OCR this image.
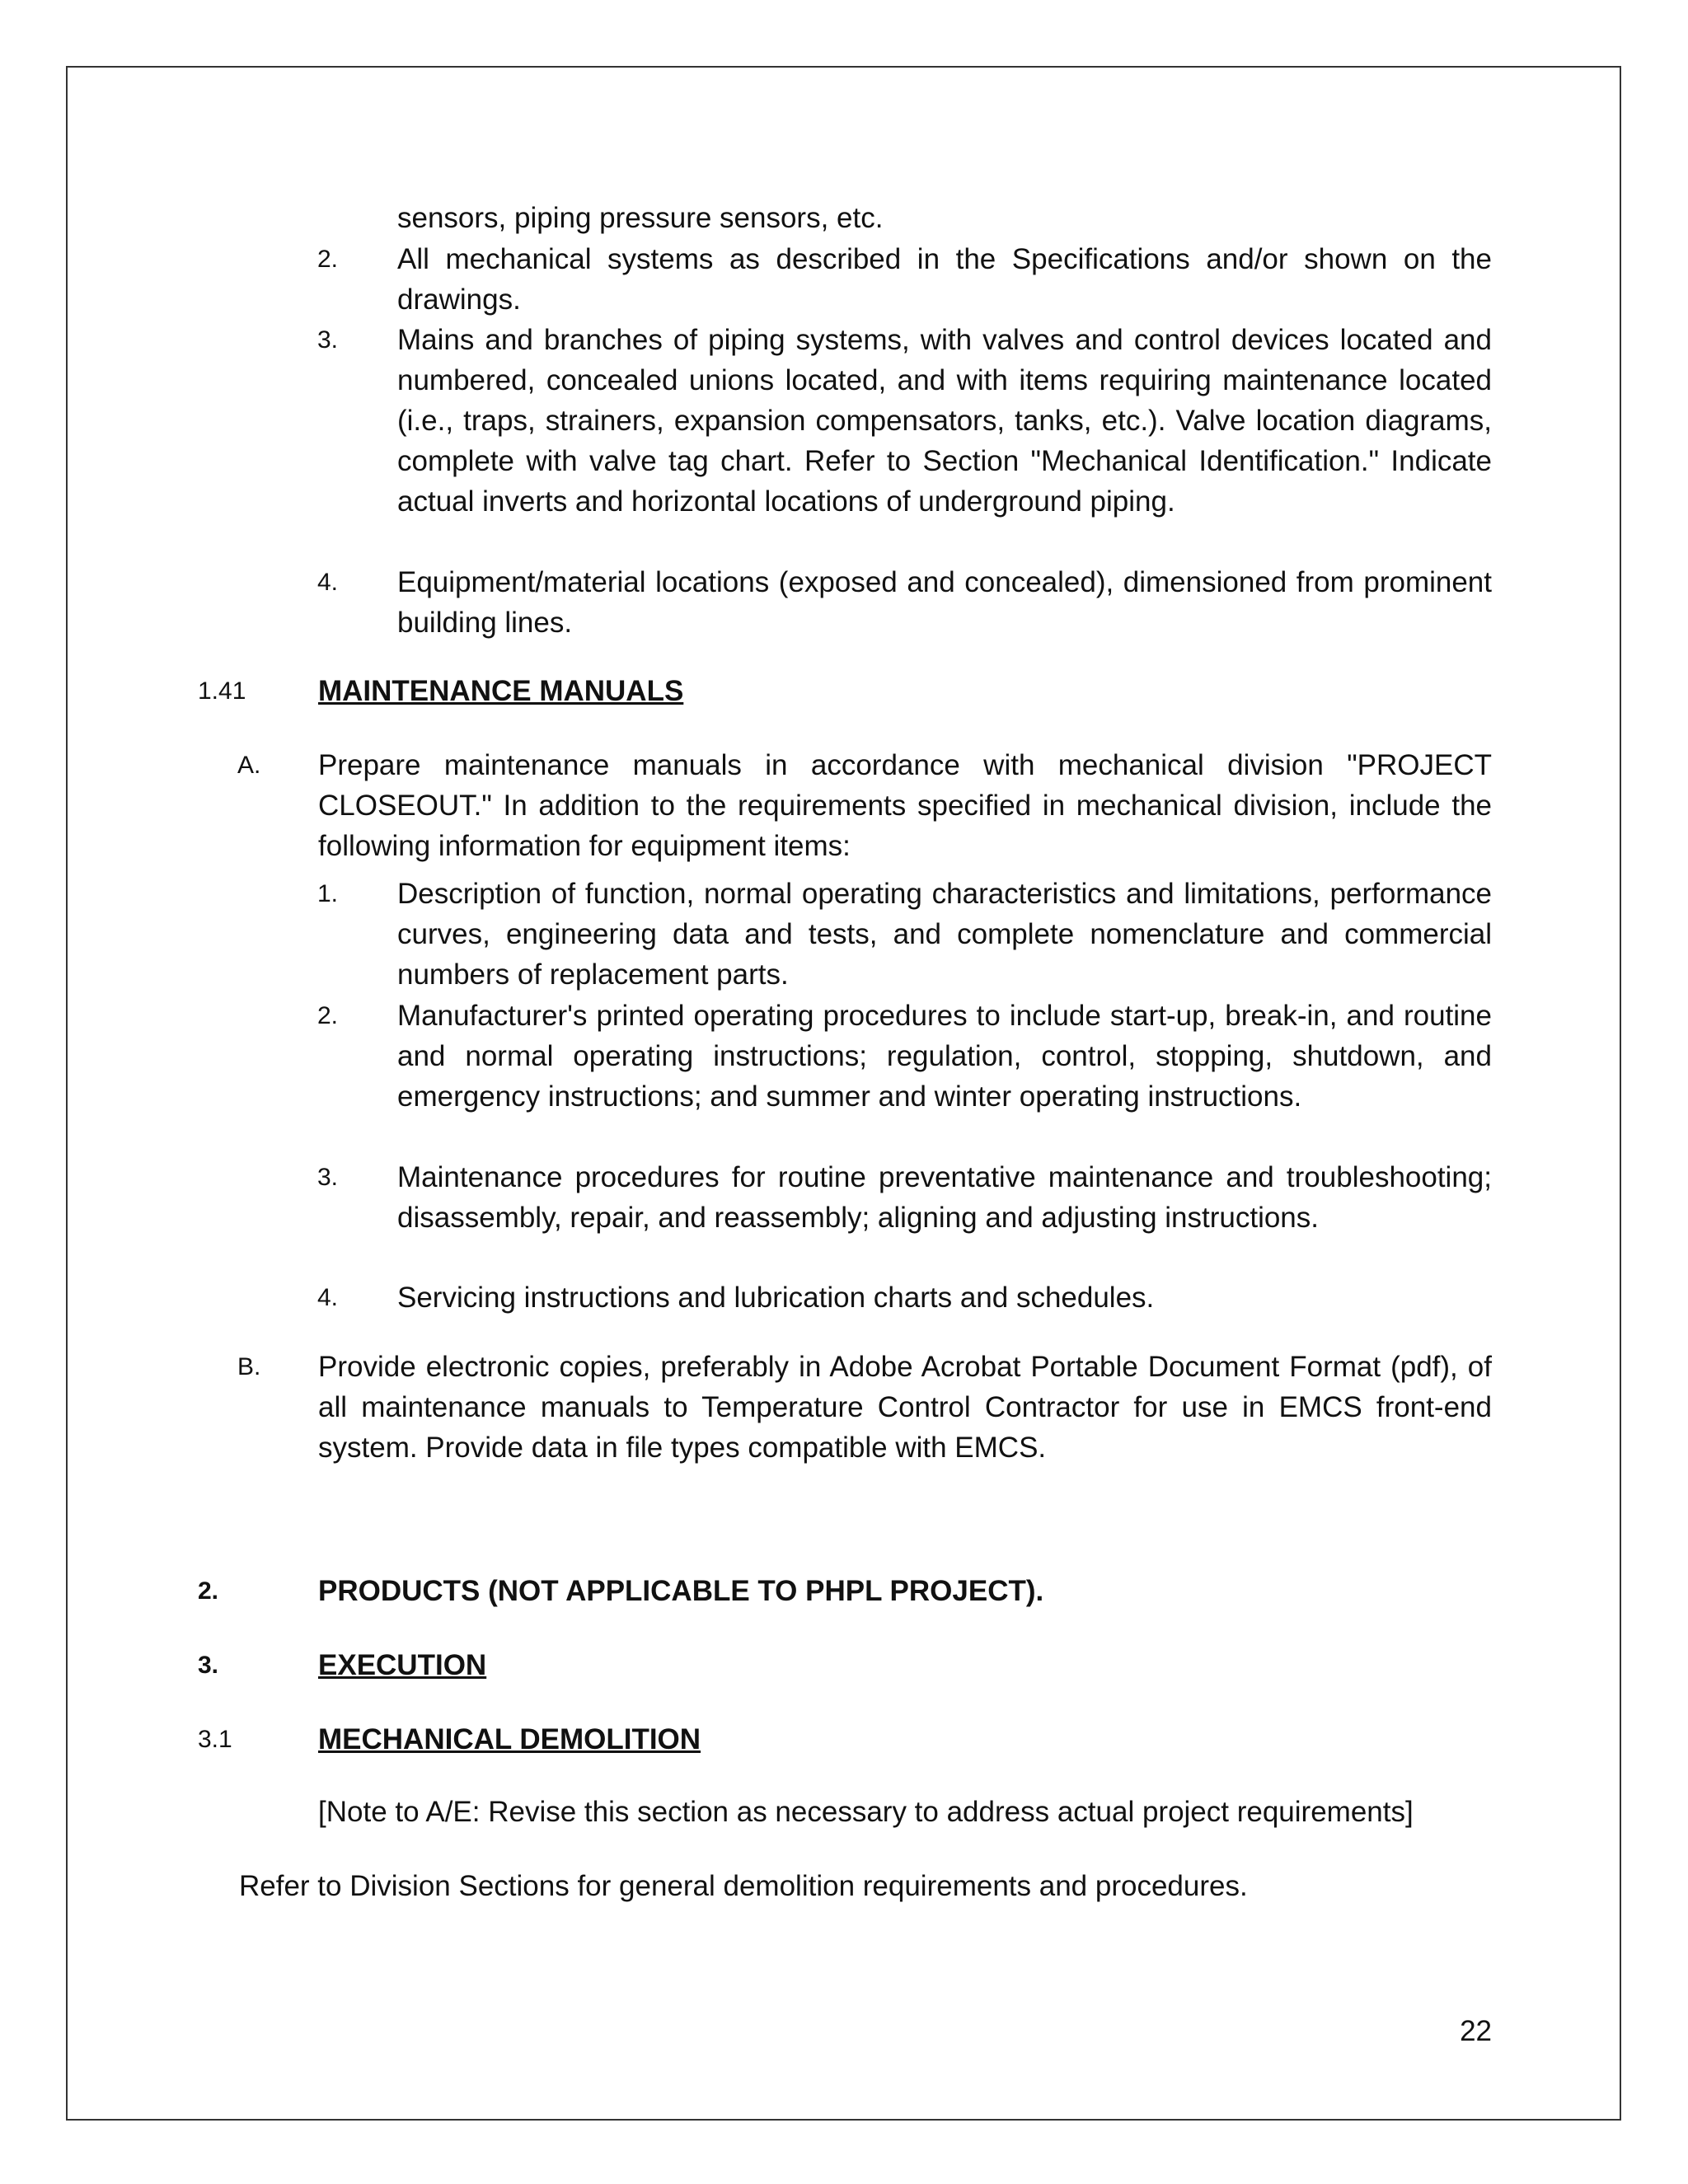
sensors, piping pressure sensors, etc.
2. All mechanical systems as described in the Specifications and/or shown on the drawings.
3. Mains and branches of piping systems, with valves and control devices located and numbered, concealed unions located, and with items requiring maintenance located (i.e., traps, strainers, expansion compensators, tanks, etc.). Valve location diagrams, complete with valve tag chart. Refer to Section "Mechanical Identification." Indicate actual inverts and horizontal locations of underground piping.
4. Equipment/material locations (exposed and concealed), dimensioned from prominent building lines.
1.41	MAINTENANCE MANUALS
A. Prepare maintenance manuals in accordance with mechanical division "PROJECT CLOSEOUT." In addition to the requirements specified in mechanical division, include the following information for equipment items:
1. Description of function, normal operating characteristics and limitations, performance curves, engineering data and tests, and complete nomenclature and commercial numbers of replacement parts.
2. Manufacturer's printed operating procedures to include start-up, break-in, and routine and normal operating instructions; regulation, control, stopping, shutdown, and emergency instructions; and summer and winter operating instructions.
3. Maintenance procedures for routine preventative maintenance and troubleshooting; disassembly, repair, and reassembly; aligning and adjusting instructions.
4. Servicing instructions and lubrication charts and schedules.
B. Provide electronic copies, preferably in Adobe Acrobat Portable Document Format (pdf), of all maintenance manuals to Temperature Control Contractor for use in EMCS front-end system. Provide data in file types compatible with EMCS.
2.	PRODUCTS (NOT APPLICABLE TO PHPL PROJECT).
3.	EXECUTION
3.1	MECHANICAL DEMOLITION
[Note to A/E: Revise this section as necessary to address actual project requirements]
Refer to Division Sections for general demolition requirements and procedures.
22
